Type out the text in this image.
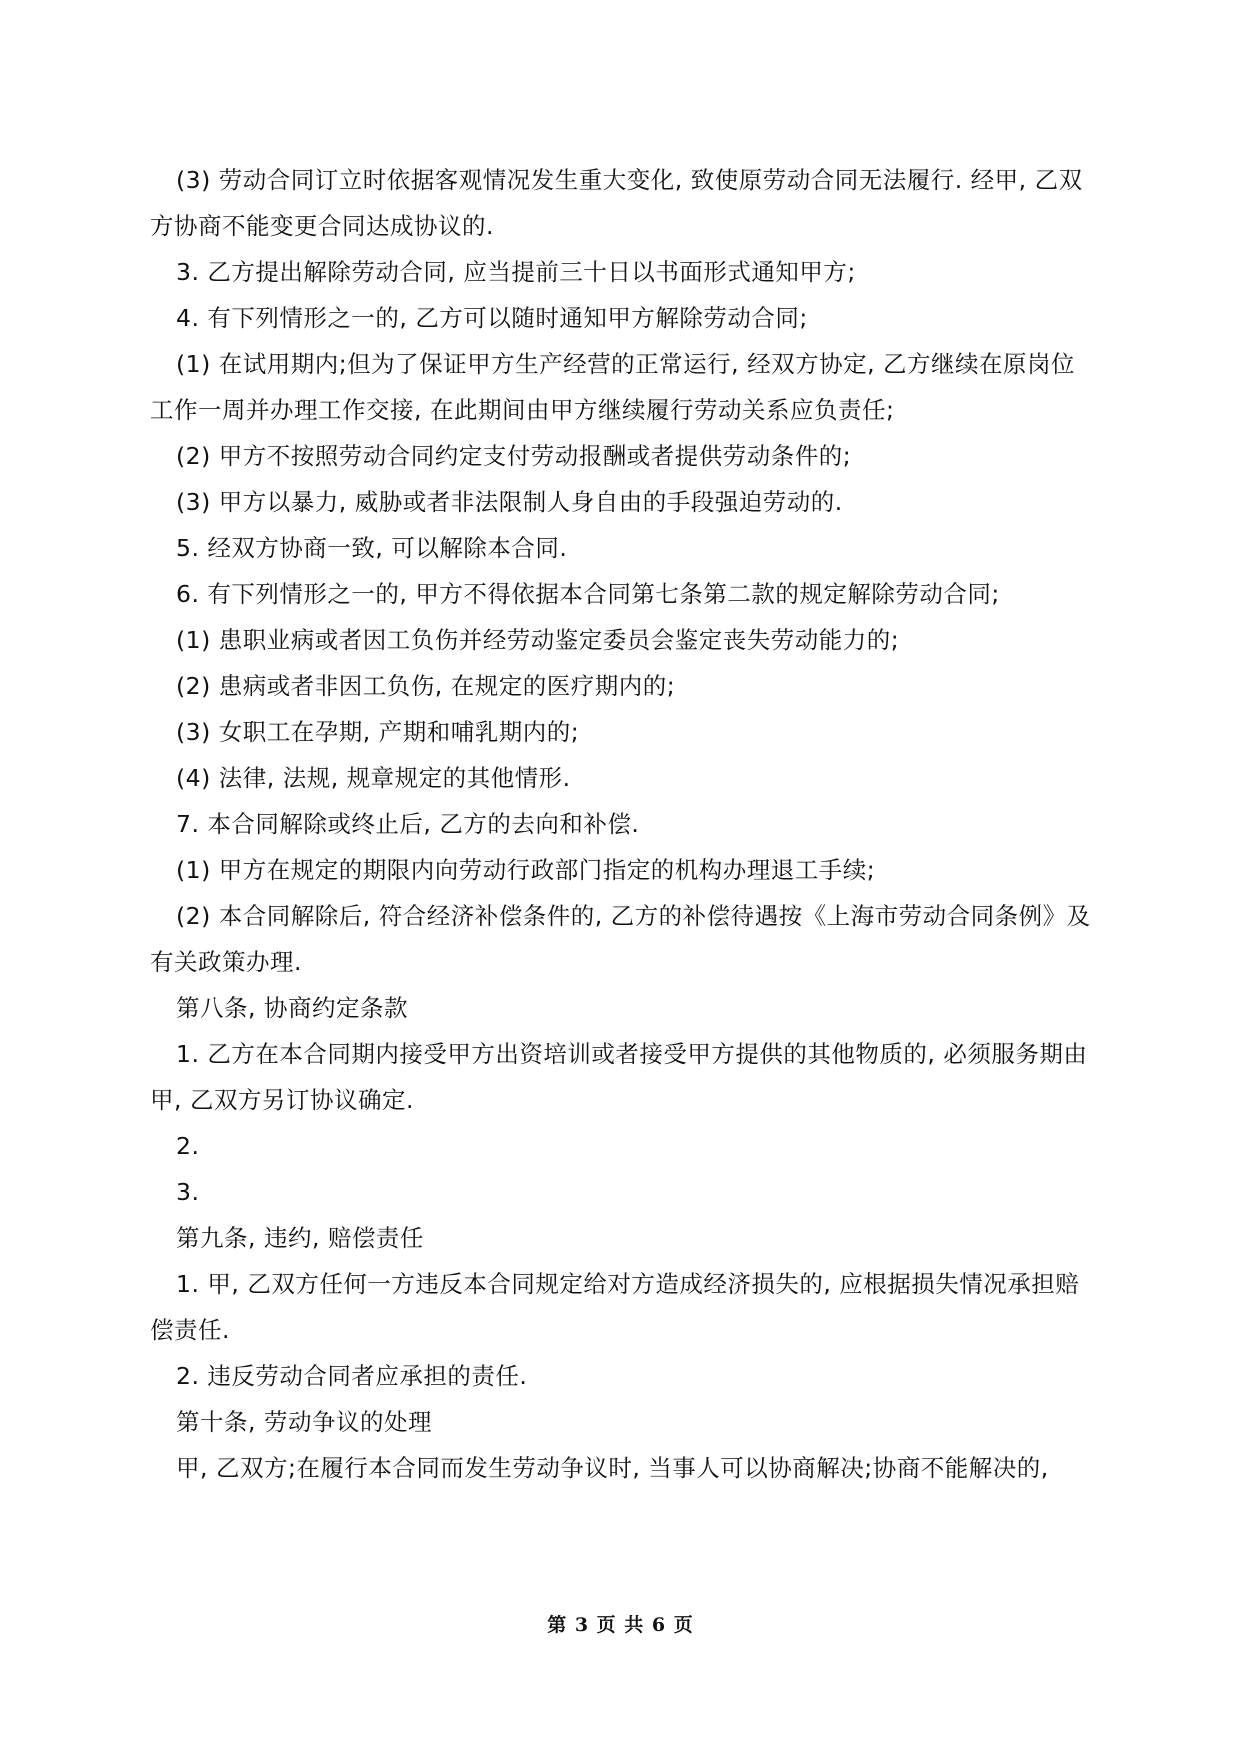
(3) 劳动合同订立时依据客观情况发生重大变化, 致使原劳动合同无法履行. 经甲, 乙双方协商不能变更合同达成协议的.

3. 乙方提出解除劳动合同, 应当提前三十日以书面形式通知甲方;

4. 有下列情形之一的, 乙方可以随时通知甲方解除劳动合同;

(1) 在试用期内;但为了保证甲方生产经营的正常运行, 经双方协定, 乙方继续在原岗位工作一周并办理工作交接, 在此期间由甲方继续履行劳动关系应负责任;

(2) 甲方不按照劳动合同约定支付劳动报酬或者提供劳动条件的;

(3) 甲方以暴力, 威胁或者非法限制人身自由的手段强迫劳动的.

5. 经双方协商一致, 可以解除本合同.

6. 有下列情形之一的, 甲方不得依据本合同第七条第二款的规定解除劳动合同;

(1) 患职业病或者因工负伤并经劳动鉴定委员会鉴定丧失劳动能力的;

(2) 患病或者非因工负伤, 在规定的医疗期内的;

(3) 女职工在孕期, 产期和哺乳期内的;

(4) 法律, 法规, 规章规定的其他情形.

7. 本合同解除或终止后, 乙方的去向和补偿.

(1) 甲方在规定的期限内向劳动行政部门指定的机构办理退工手续;

(2) 本合同解除后, 符合经济补偿条件的, 乙方的补偿待遇按《上海市劳动合同条例》及有关政策办理.

第八条, 协商约定条款

1. 乙方在本合同期内接受甲方出资培训或者接受甲方提供的其他物质的, 必须服务期由甲, 乙双方另订协议确定.

2.

3.

第九条, 违约, 赔偿责任

1. 甲, 乙双方任何一方违反本合同规定给对方造成经济损失的, 应根据损失情况承担赔偿责任.

2. 违反劳动合同者应承担的责任.

第十条, 劳动争议的处理

甲, 乙双方;在履行本合同而发生劳动争议时, 当事人可以协商解决;协商不能解决的,

第 3 页 共 6 页
